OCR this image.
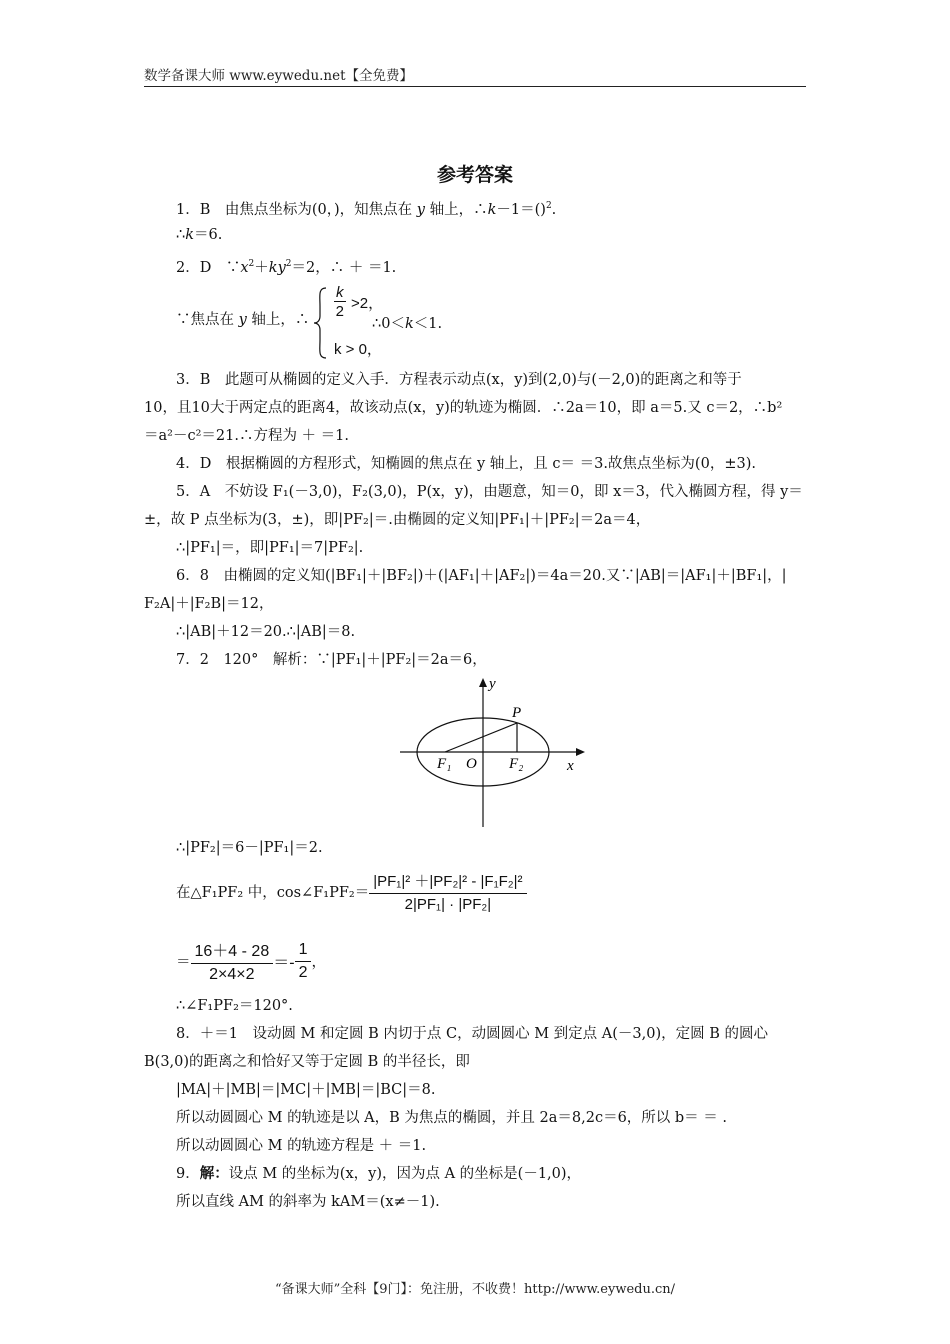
数学备课大师 www.eywedu.net【全免费】
参考答案
1．B　由焦点坐标为(0，)，知焦点在 y 轴上，∴k－1＝()$^2$.
∴k＝6.
2．D　$\because x^2+ky^2=2$，∴ ＋ ＝1.
∵焦点在 y 轴上，∴ $\frac{k}{2} >2$，
k > 0，
∴0＜k＜1.
3．B　此题可从椭圆的定义入手．方程表示动点(x，y)到(2,0)与(－2,0)的距离之和等于
10，且10大于两定点的距离4，故该动点(x，y)的轨迹为椭圆．∴2a＝10，即 a＝5.又 c＝2，∴b²
＝a²－c²＝21.∴方程为 ＋ ＝1.
4．D　根据椭圆的方程形式，知椭圆的焦点在 y 轴上，且 c＝ ＝3.故焦点坐标为(0，±3).
5．A　不妨设 F₁(－3,0)，F₂(3,0)，P(x，y)，由题意，知＝0，即 x＝3，代入椭圆方程，得 y＝
±，故 P 点坐标为(3，±)，即|PF₂|＝.由椭圆的定义知|PF₁|＋|PF₂|＝2a＝4，
∴|PF₁|＝，即|PF₁|＝7|PF₂|.
6．8　由椭圆的定义知(|BF₁|＋|BF₂|)＋(|AF₁|＋|AF₂|)＝4a＝20.又∵|AB|＝|AF₁|＋|BF₁|，|
F₂A|＋|F₂B|＝12，
∴|AB|＋12＝20.∴|AB|＝8.
7．2　120°　解析：∵|PF₁|＋|PF₂|＝2a＝6，
y
x
P
O
F₁	F₂
∴|PF₂|＝6－|PF₁|＝2.
在△F₁PF₂ 中，cos∠F₁PF₂＝ $\frac{\text{|PF₁|² ＋|PF₂|² - |F₁F₂|²}}{\text{2|PF₁| · |PF₂|}}$
＝ $\frac{16+4 - 28}{2\times 4\times 2} =- \frac{1}{2}$ ，
∴∠F₁PF₂＝120°.
8．＋＝1　设动圆 M 和定圆 B 内切于点 C，动圆圆心 M 到定点 A(－3,0)，定圆 B 的圆心
B(3,0)的距离之和恰好又等于定圆 B 的半径长，即
|MA|＋|MB|＝|MC|＋|MB|＝|BC|＝8.
所以动圆圆心 M 的轨迹是以 A，B 为焦点的椭圆，并且 2a＝8,2c＝6，所以 b＝ ＝ .
所以动圆圆心 M 的轨迹方程是 ＋ ＝1.
9．解：设点 M 的坐标为(x，y)，因为点 A 的坐标是(－1,0)，
所以直线 AM 的斜率为 kAM＝(x≠－1).
“备课大师”全科【9门】：免注册，不收费！http://www.eywedu.cn/
